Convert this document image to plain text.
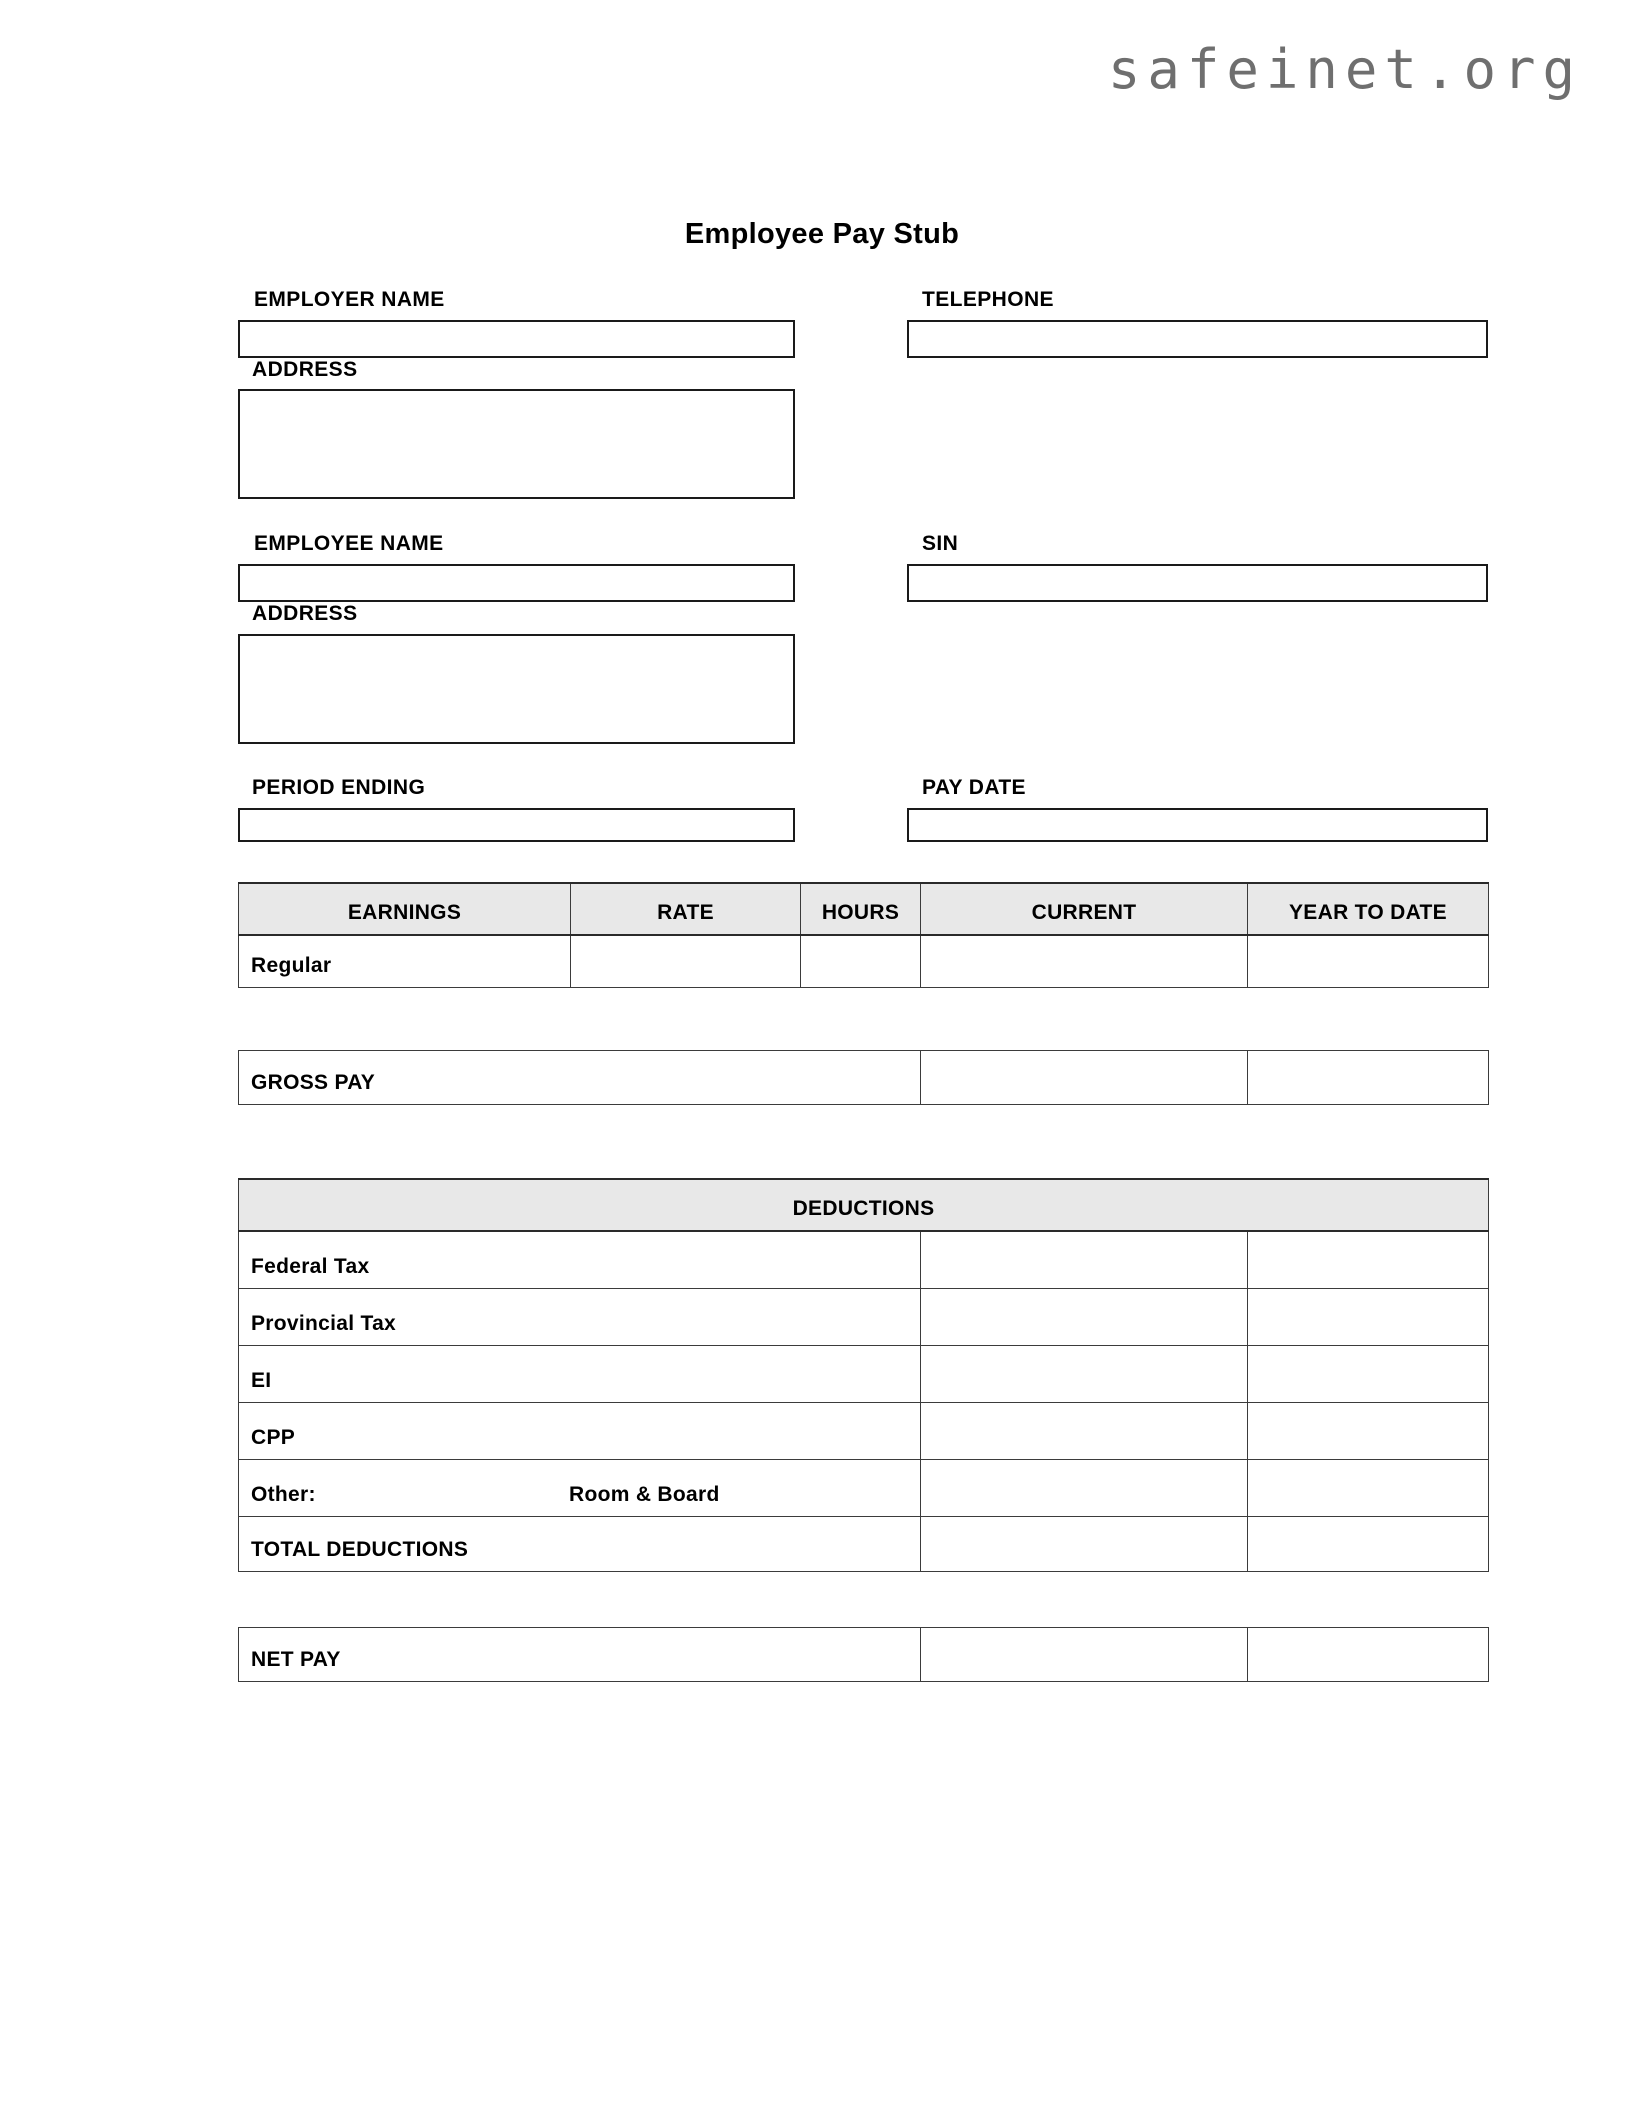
safeinet.org
Employee Pay Stub
EMPLOYER NAME	TELEPHONE
ADDRESS
EMPLOYEE NAME	SIN
ADDRESS
PERIOD ENDING	PAY DATE
EARNINGS	RATE	HOURS	CURRENT	YEAR TO DATE
Regular				
GROSS PAY		
DEDUCTIONS		
Federal Tax		
Provincial Tax		
EI		
CPP		

Other: Room & Board		

TOTAL DEDUCTIONS		
NET PAY		
